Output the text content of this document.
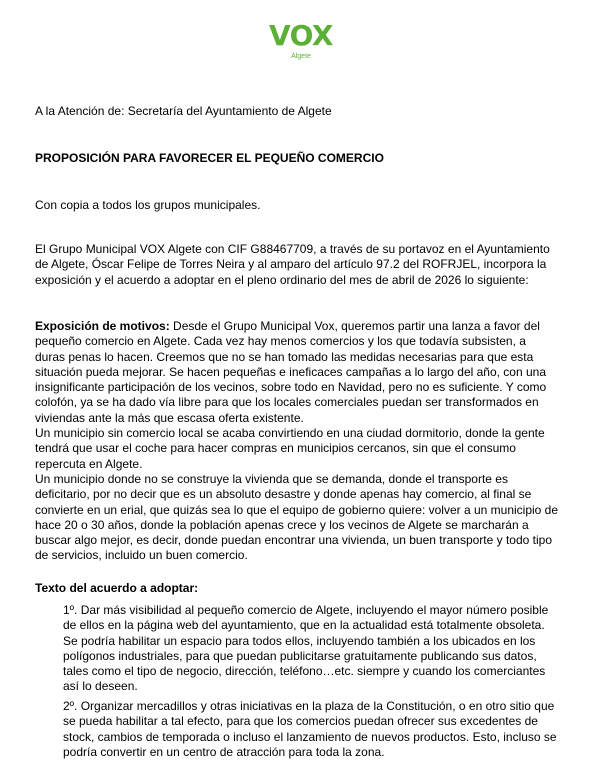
VOX
Algete
A la Atención de: Secretaría del Ayuntamiento de Algete
PROPOSICIÓN PARA FAVORECER EL PEQUEÑO COMERCIO
Con copia a todos los grupos municipales.
El Grupo Municipal VOX Algete con CIF G88467709, a través de su portavoz en el Ayuntamiento
de Algete, Óscar Felipe de Torres Neira y al amparo del artículo 97.2 del ROFRJEL, incorpora la
exposición y el acuerdo a adoptar en el pleno ordinario del mes de abril de 2026 lo siguiente:
Exposición de motivos: Desde el Grupo Municipal Vox, queremos partir una lanza a favor del
pequeño comercio en Algete. Cada vez hay menos comercios y los que todavía subsisten, a
duras penas lo hacen. Creemos que no se han tomado las medidas necesarias para que esta
situación pueda mejorar. Se hacen pequeñas e ineficaces campañas a lo largo del año, con una
insignificante participación de los vecinos, sobre todo en Navidad, pero no es suficiente. Y como
colofón, ya se ha dado vía libre para que los locales comerciales puedan ser transformados en
viviendas ante la más que escasa oferta existente.
Un municipio sin comercio local se acaba convirtiendo en una ciudad dormitorio, donde la gente
tendrá que usar el coche para hacer compras en municipios cercanos, sin que el consumo
repercuta en Algete.
Un municipio donde no se construye la vivienda que se demanda, donde el transporte es
deficitario, por no decir que es un absoluto desastre y donde apenas hay comercio, al final se
convierte en un erial, que quizás sea lo que el equipo de gobierno quiere: volver a un municipio de
hace 20 o 30 años, donde la población apenas crece y los vecinos de Algete se marcharán a
buscar algo mejor, es decir, donde puedan encontrar una vivienda, un buen transporte y todo tipo
de servicios, incluido un buen comercio.
Texto del acuerdo a adoptar:
1º. Dar más visibilidad al pequeño comercio de Algete, incluyendo el mayor número posible
de ellos en la página web del ayuntamiento, que en la actualidad está totalmente obsoleta.
Se podría habilitar un espacio para todos ellos, incluyendo también a los ubicados en los
polígonos industriales, para que puedan publicitarse gratuitamente publicando sus datos,
tales como el tipo de negocio, dirección, teléfono…etc. siempre y cuando los comerciantes
así lo deseen.
2º. Organizar mercadillos y otras iniciativas en la plaza de la Constitución, o en otro sitio que
se pueda habilitar a tal efecto, para que los comercios puedan ofrecer sus excedentes de
stock, cambios de temporada o incluso el lanzamiento de nuevos productos. Esto, incluso se
podría convertir en un centro de atracción para toda la zona.
